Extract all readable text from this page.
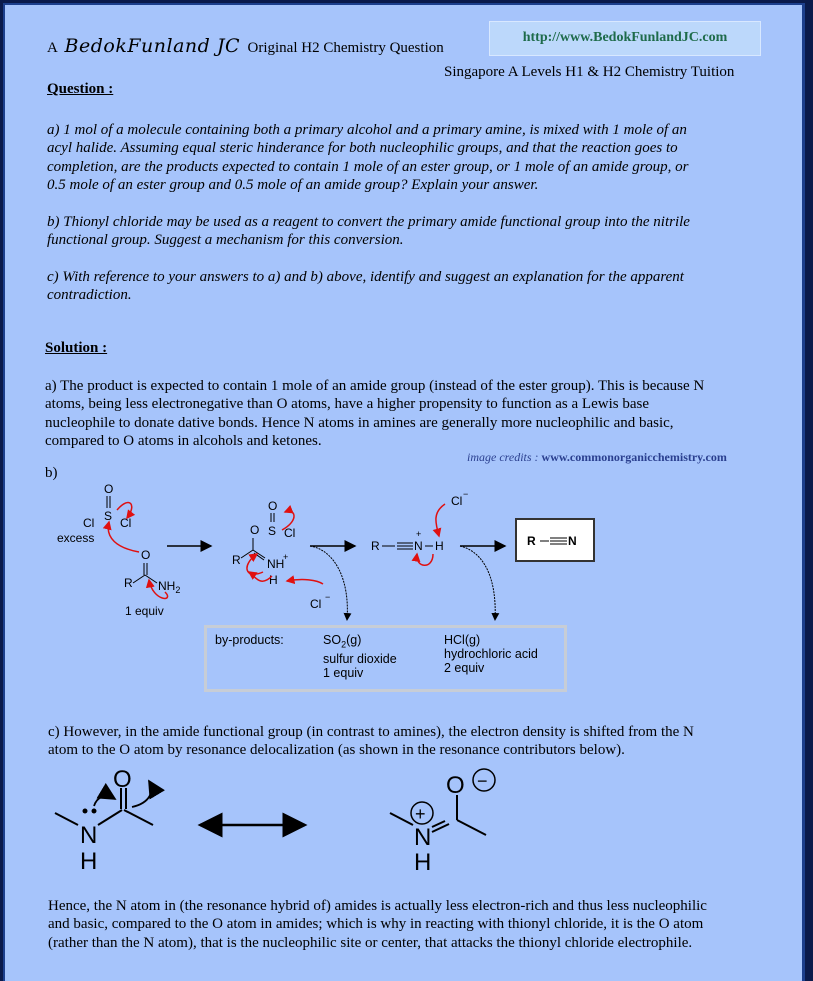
A BedokFunland JC Original H2 Chemistry Question
http://www.BedokFunlandJC.com
Singapore A Levels H1 & H2 Chemistry Tuition
Question :
a) 1 mol of a molecule containing both a primary alcohol and a primary amine, is mixed with 1 mole of an
acyl halide. Assuming equal steric hinderance for both nucleophilic groups, and that the reaction goes to
completion, are the products expected to contain 1 mole of an ester group, or 1 mole of an amide group, or
0.5 mole of an ester group and 0.5 mole of an amide group? Explain your answer.
b) Thionyl chloride may be used as a reagent to convert the primary amide functional group into the nitrile
functional group. Suggest a mechanism for this conversion.
c) With reference to your answers to a) and b) above, identify and suggest an explanation for the apparent
contradiction.
Solution :
a) The product is expected to contain 1 mole of an amide group (instead of the ester group). This is because N
atoms, being less electronegative than O atoms, have a higher propensity to function as a Lewis base
nucleophile to donate dative bonds. Hence N atoms in amines are generally more nucleophilic and basic,
compared to O atoms in alcohols and ketones.
image credits : www.commonorganicchemistry.com
b)
O
S
Cl Cl
excess
O
R $NH_2$
1 equiv
O
S Cl
O
R NH
+
H
Cl −
R	N
+
H
Cl −
R	N
by-products:	$SO_2(g)$
sulfur dioxide
1 equiv
HCl(g)
hydrochloric acid
2 equiv
c) However, in the amide functional group (in contrast to amines), the electron density is shifted from the N
atom to the O atom by resonance delocalization (as shown in the resonance contributors below).
N
H
O
N
H
+
O −
Hence, the N atom in (the resonance hybrid of) amides is actually less electron-rich and thus less nucleophilic
and basic, compared to the O atom in amides; which is why in reacting with thionyl chloride, it is the O atom
(rather than the N atom), that is the nucleophilic site or center, that attacks the thionyl chloride electrophile.
